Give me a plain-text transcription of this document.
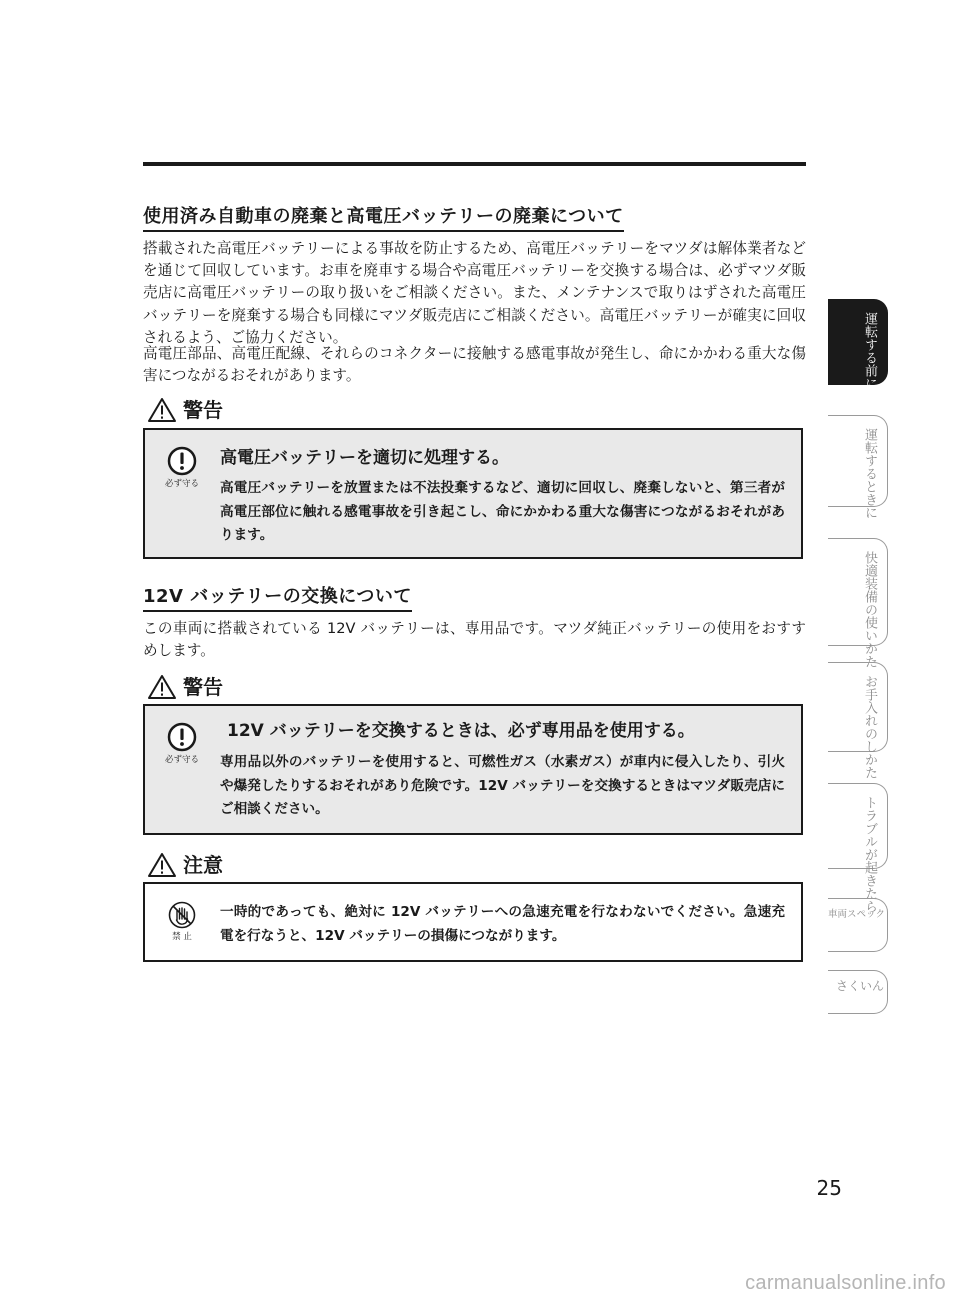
使用済み自動車の廃棄と高電圧バッテリーの廃棄について

搭載された高電圧バッテリーによる事故を防止するため、高電圧バッテリーをマツダは解体業者などを通じて回収しています。お車を廃車する場合や高電圧バッテリーを交換する場合は、必ずマツダ販売店に高電圧バッテリーの取り扱いをご相談ください。また、メンテナンスで取りはずされた高電圧バッテリーを廃棄する場合も同様にマツダ販売店にご相談ください。高電圧バッテリーが確実に回収されるよう、ご協力ください。

高電圧部品、高電圧配線、それらのコネクターに接触する感電事故が発生し、命にかかわる重大な傷害につながるおそれがあります。

警告
必ず守る
高電圧バッテリーを適切に処理する。

高電圧バッテリーを放置または不法投棄するなど、適切に回収し、廃棄しないと、第三者が高電圧部位に触れる感電事故を引き起こし、命にかかわる重大な傷害につながるおそれがあります。

12V バッテリーの交換について

この車両に搭載されている 12V バッテリーは、専用品です。マツダ純正バッテリーの使用をおすすめします。

警告
必ず守る
12V バッテリーを交換するときは、必ず専用品を使用する。

専用品以外のバッテリーを使用すると、可燃性ガス（水素ガス）が車内に侵入したり、引火や爆発したりするおそれがあり危険です。12V バッテリーを交換するときはマツダ販売店にご相談ください。

注意
禁 止

一時的であっても、絶対に 12V バッテリーへの急速充電を行なわないでください。急速充電を行なうと、12V バッテリーの損傷につながります。

運転する前に
運転するときに
快適装備の使いかた
お手入れのしかた
トラブルが起きたら
車両スペック
さくいん
25
carmanualsonline.info
